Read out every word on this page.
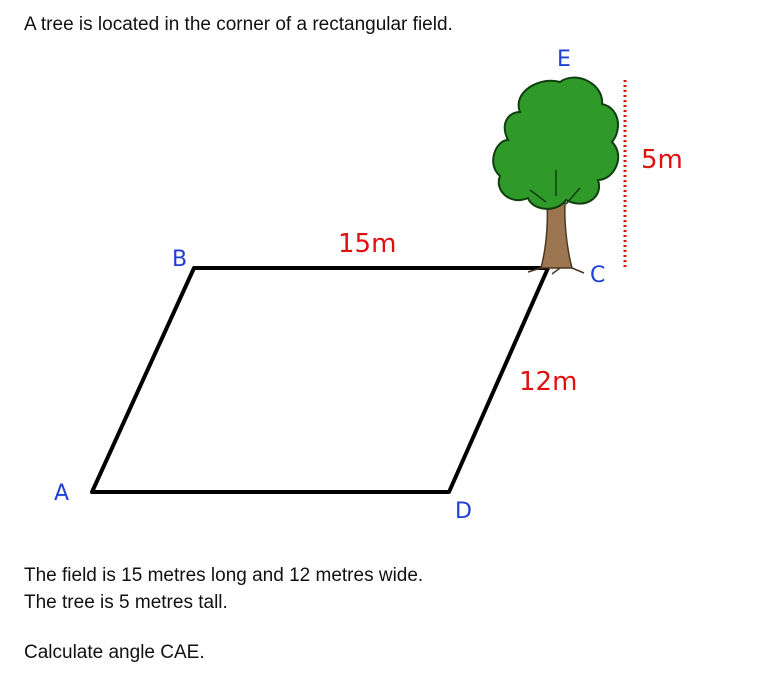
A tree is located in the corner of a rectangular field.

A
B
C
D
E
15m
12m
5m
The field is 15 metres long and 12 metres wide.
The tree is 5 metres tall.

Calculate angle CAE.
